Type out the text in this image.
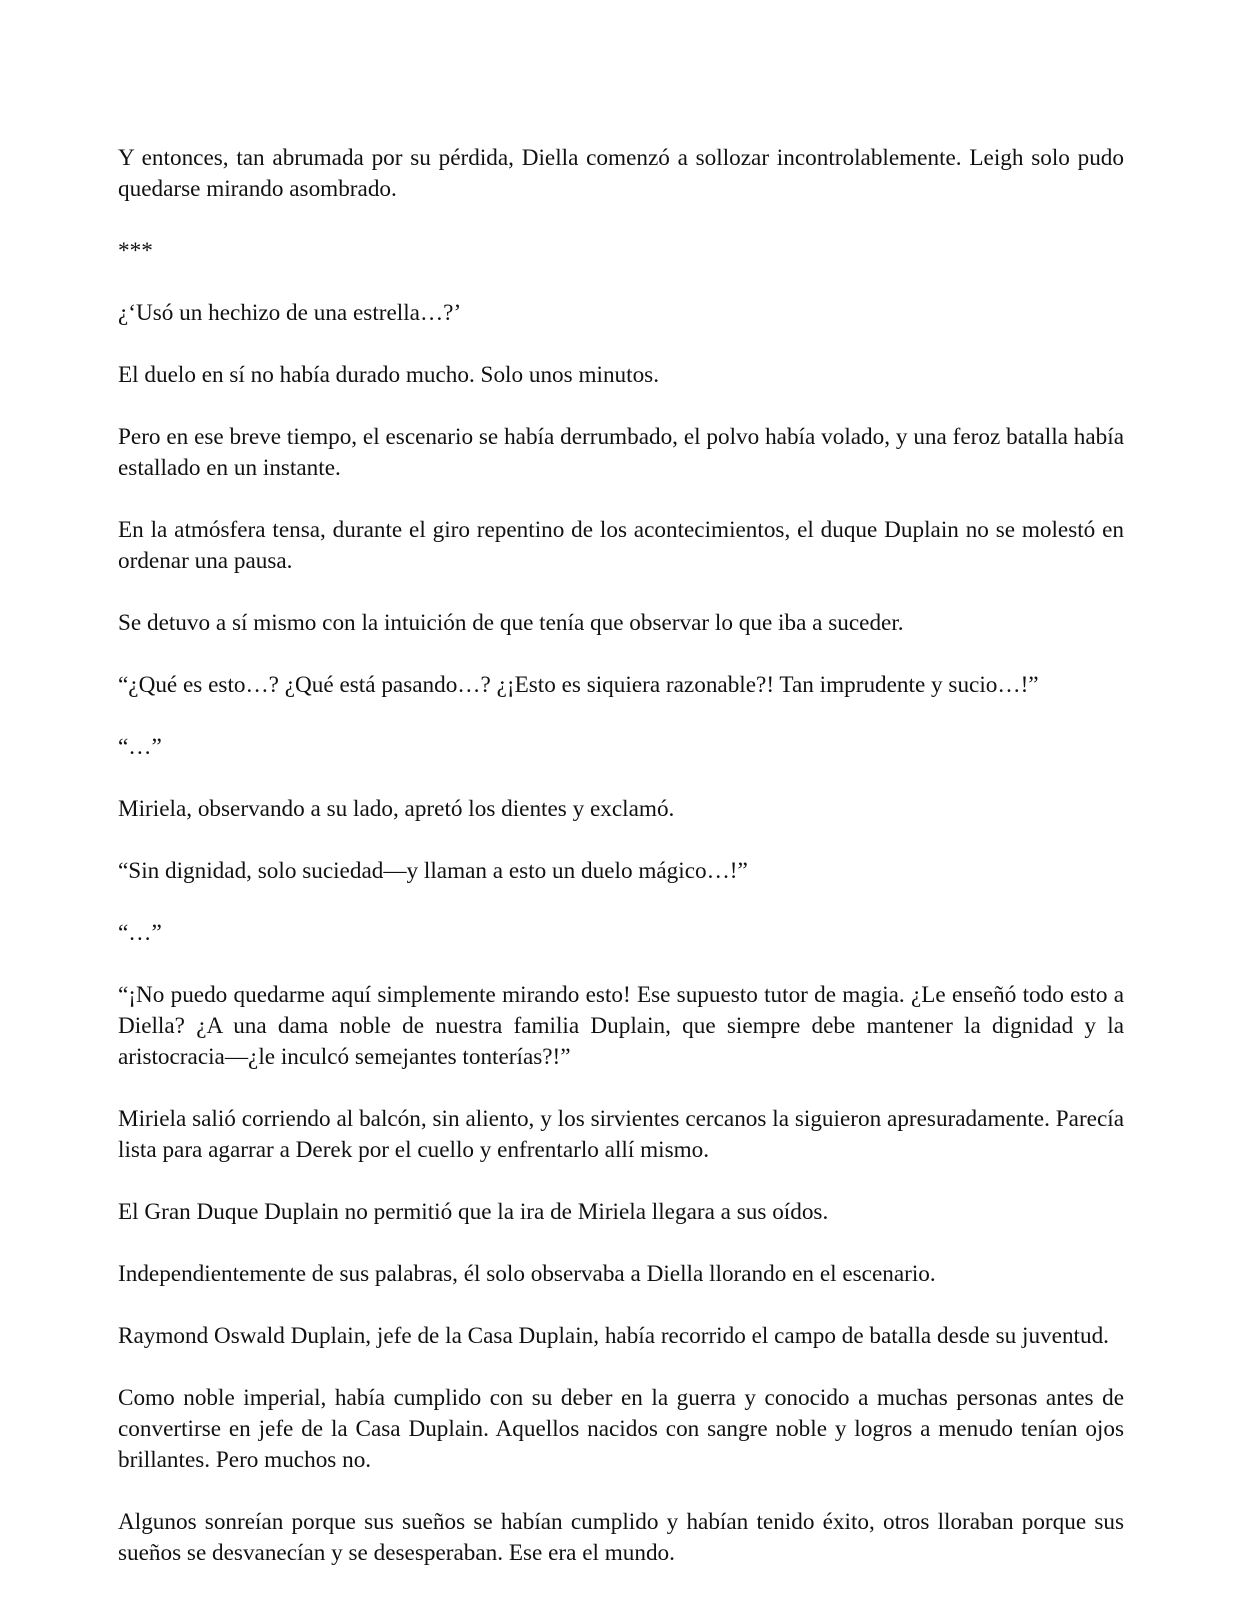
Y entonces, tan abrumada por su pérdida, Diella comenzó a sollozar incontrolablemente. Leigh solo pudo quedarse mirando asombrado.

***

¿‘Usó un hechizo de una estrella…?’

El duelo en sí no había durado mucho. Solo unos minutos.

Pero en ese breve tiempo, el escenario se había derrumbado, el polvo había volado, y una feroz batalla había estallado en un instante.

En la atmósfera tensa, durante el giro repentino de los acontecimientos, el duque Duplain no se molestó en ordenar una pausa.

Se detuvo a sí mismo con la intuición de que tenía que observar lo que iba a suceder.

“¿Qué es esto…? ¿Qué está pasando…? ¿¡Esto es siquiera razonable?! Tan imprudente y sucio…!”

“…”

Miriela, observando a su lado, apretó los dientes y exclamó.

“Sin dignidad, solo suciedad—y llaman a esto un duelo mágico…!”

“…”

“¡No puedo quedarme aquí simplemente mirando esto! Ese supuesto tutor de magia. ¿Le enseñó todo esto a Diella? ¿A una dama noble de nuestra familia Duplain, que siempre debe mantener la dignidad y la aristocracia—¿le inculcó semejantes tonterías?!”

Miriela salió corriendo al balcón, sin aliento, y los sirvientes cercanos la siguieron apresuradamente. Parecía lista para agarrar a Derek por el cuello y enfrentarlo allí mismo.

El Gran Duque Duplain no permitió que la ira de Miriela llegara a sus oídos.

Independientemente de sus palabras, él solo observaba a Diella llorando en el escenario.

Raymond Oswald Duplain, jefe de la Casa Duplain, había recorrido el campo de batalla desde su juventud.

Como noble imperial, había cumplido con su deber en la guerra y conocido a muchas personas antes de convertirse en jefe de la Casa Duplain. Aquellos nacidos con sangre noble y logros a menudo tenían ojos brillantes. Pero muchos no.

Algunos sonreían porque sus sueños se habían cumplido y habían tenido éxito, otros lloraban porque sus sueños se desvanecían y se desesperaban. Ese era el mundo.
